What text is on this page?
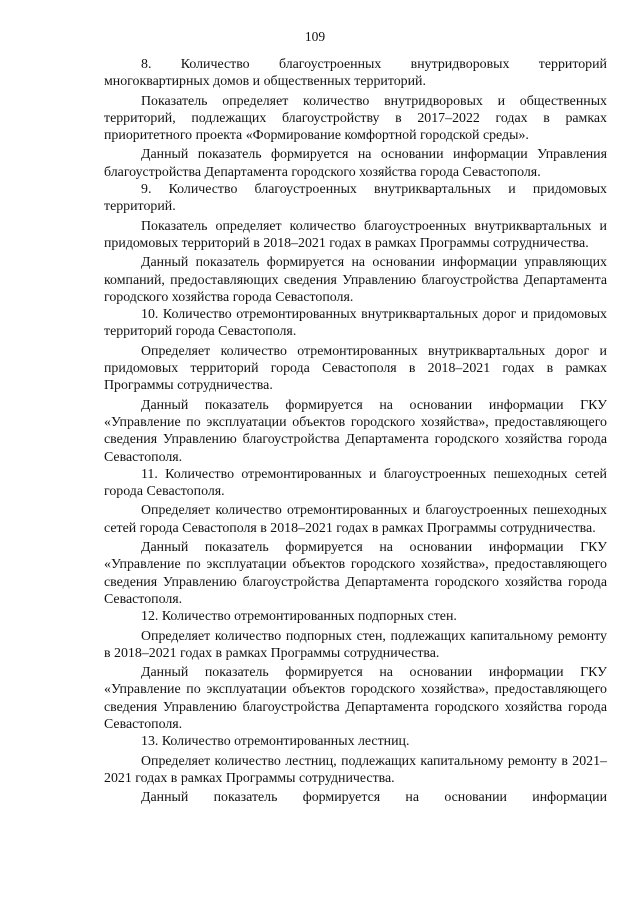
109

8. Количество благоустроенных внутридворовых территорий многоквартирных домов и общественных территорий.

Показатель определяет количество внутридворовых и общественных территорий, подлежащих благоустройству в 2017–2022 годах в рамках приоритетного проекта «Формирование комфортной городской среды».

Данный показатель формируется на основании информации Управления благоустройства Департамента городского хозяйства города Севастополя.

9. Количество благоустроенных внутриквартальных и придомовых территорий.

Показатель определяет количество благоустроенных внутриквартальных и придомовых территорий в 2018–2021 годах в рамках Программы сотрудничества.

Данный показатель формируется на основании информации управляющих компаний, предоставляющих сведения Управлению благоустройства Департамента городского хозяйства города Севастополя.

10. Количество отремонтированных внутриквартальных дорог и придомовых территорий города Севастополя.

Определяет количество отремонтированных внутриквартальных дорог и придомовых территорий города Севастополя в 2018–2021 годах в рамках Программы сотрудничества.

Данный показатель формируется на основании информации ГКУ «Управление по эксплуатации объектов городского хозяйства», предоставляющего сведения Управлению благоустройства Департамента городского хозяйства города Севастополя.

11. Количество отремонтированных и благоустроенных пешеходных сетей города Севастополя.

Определяет количество отремонтированных и благоустроенных пешеходных сетей города Севастополя в 2018–2021 годах в рамках Программы сотрудничества.

Данный показатель формируется на основании информации ГКУ «Управление по эксплуатации объектов городского хозяйства», предоставляющего сведения Управлению благоустройства Департамента городского хозяйства города Севастополя.

12. Количество отремонтированных подпорных стен.

Определяет количество подпорных стен, подлежащих капитальному ремонту в 2018–2021 годах в рамках Программы сотрудничества.

Данный показатель формируется на основании информации ГКУ «Управление по эксплуатации объектов городского хозяйства», предоставляющего сведения Управлению благоустройства Департамента городского хозяйства города Севастополя.

13. Количество отремонтированных лестниц.

Определяет количество лестниц, подлежащих капитальному ремонту в 2021–2021 годах в рамках Программы сотрудничества.

Данный показатель формируется на основании информации
